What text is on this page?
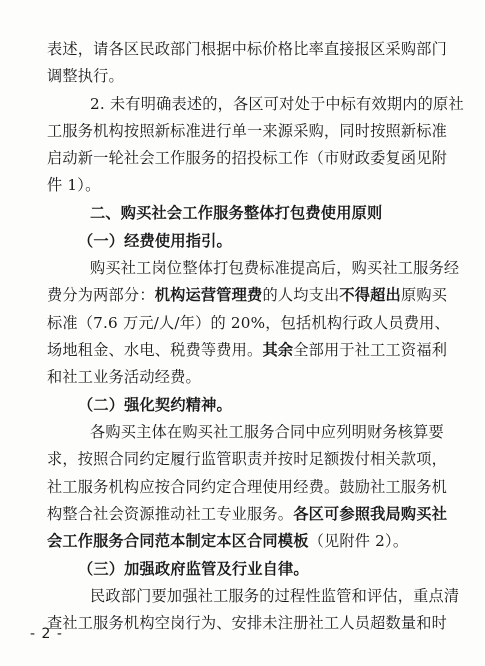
表述，请各区民政部门根据中标价格比率直接报区采购部门
调整执行。
2. 未有明确表述的，各区可对处于中标有效期内的原社
工服务机构按照新标准进行单一来源采购，同时按照新标准
启动新一轮社会工作服务的招投标工作（市财政委复函见附
件 1）。
二、购买社会工作服务整体打包费使用原则
（一）经费使用指引。
购买社工岗位整体打包费标准提高后，购买社工服务经
费分为两部分：机构运营管理费的人均支出不得超出原购买
标准（7.6 万元/人/年）的 20%，包括机构行政人员费用、
场地租金、水电、税费等费用。其余全部用于社工工资福利
和社工业务活动经费。
（二）强化契约精神。
各购买主体在购买社工服务合同中应列明财务核算要
求，按照合同约定履行监管职责并按时足额拨付相关款项，
社工服务机构应按合同约定合理使用经费。鼓励社工服务机
构整合社会资源推动社工专业服务。各区可参照我局购买社
会工作服务合同范本制定本区合同模板（见附件 2）。
（三）加强政府监管及行业自律。
民政部门要加强社工服务的过程性监管和评估，重点清
查社工服务机构空岗行为、安排未注册社工人员超数量和时
- 2 -
